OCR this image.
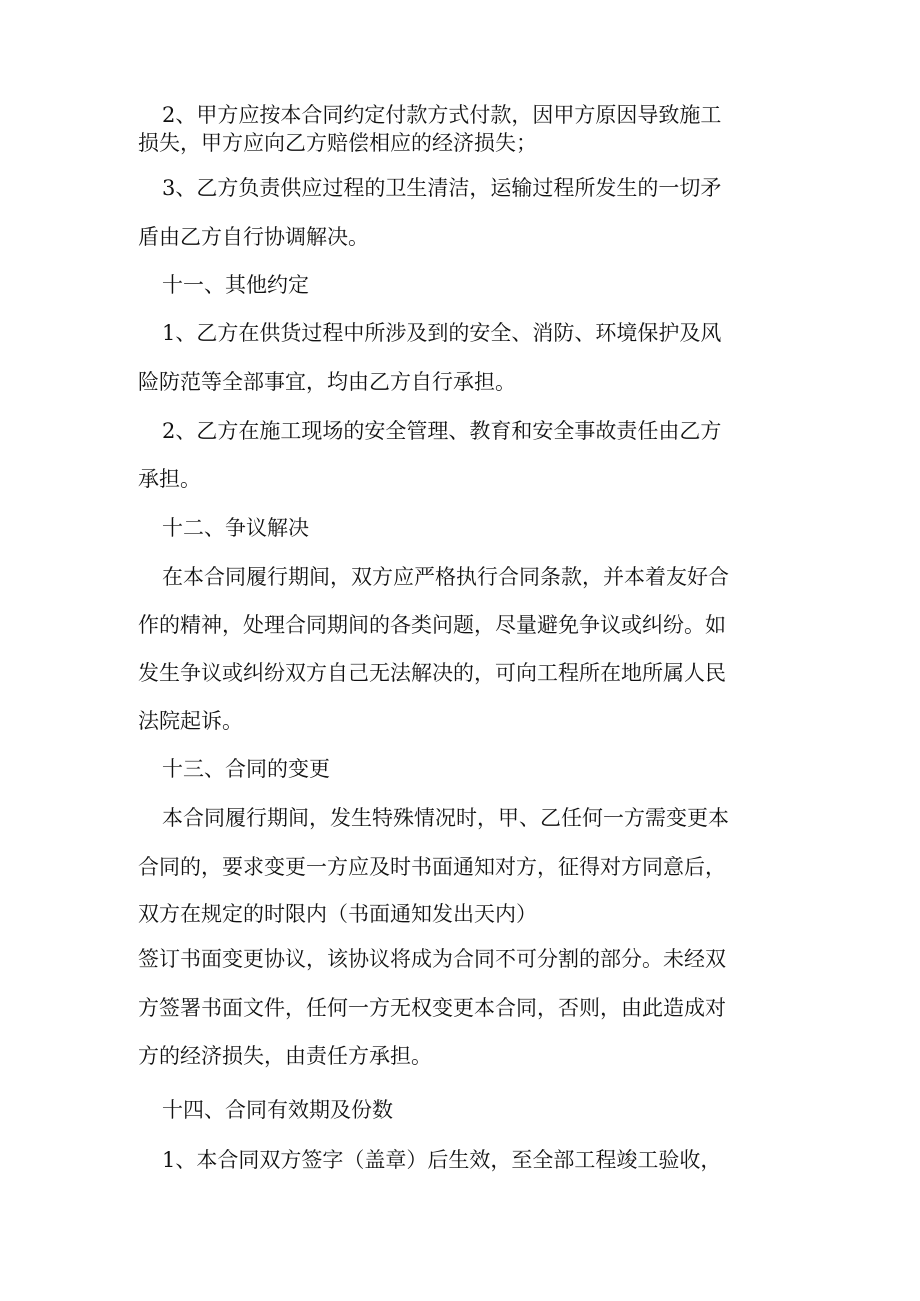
2、甲方应按本合同约定付款方式付款，因甲方原因导致施工
损失，甲方应向乙方赔偿相应的经济损失；
3、乙方负责供应过程的卫生清洁，运输过程所发生的一切矛
盾由乙方自行协调解决。
十一、其他约定
1、乙方在供货过程中所涉及到的安全、消防、环境保护及风
险防范等全部事宜，均由乙方自行承担。
2、乙方在施工现场的安全管理、教育和安全事故责任由乙方
承担。
十二、争议解决
在本合同履行期间，双方应严格执行合同条款，并本着友好合
作的精神，处理合同期间的各类问题，尽量避免争议或纠纷。如
发生争议或纠纷双方自己无法解决的，可向工程所在地所属人民
法院起诉。
十三、合同的变更
本合同履行期间，发生特殊情况时，甲、乙任何一方需变更本
合同的，要求变更一方应及时书面通知对方，征得对方同意后，
双方在规定的时限内（书面通知发出天内）
签订书面变更协议，该协议将成为合同不可分割的部分。未经双
方签署书面文件，任何一方无权变更本合同，否则，由此造成对
方的经济损失，由责任方承担。
十四、合同有效期及份数
1、本合同双方签字（盖章）后生效，至全部工程竣工验收，
